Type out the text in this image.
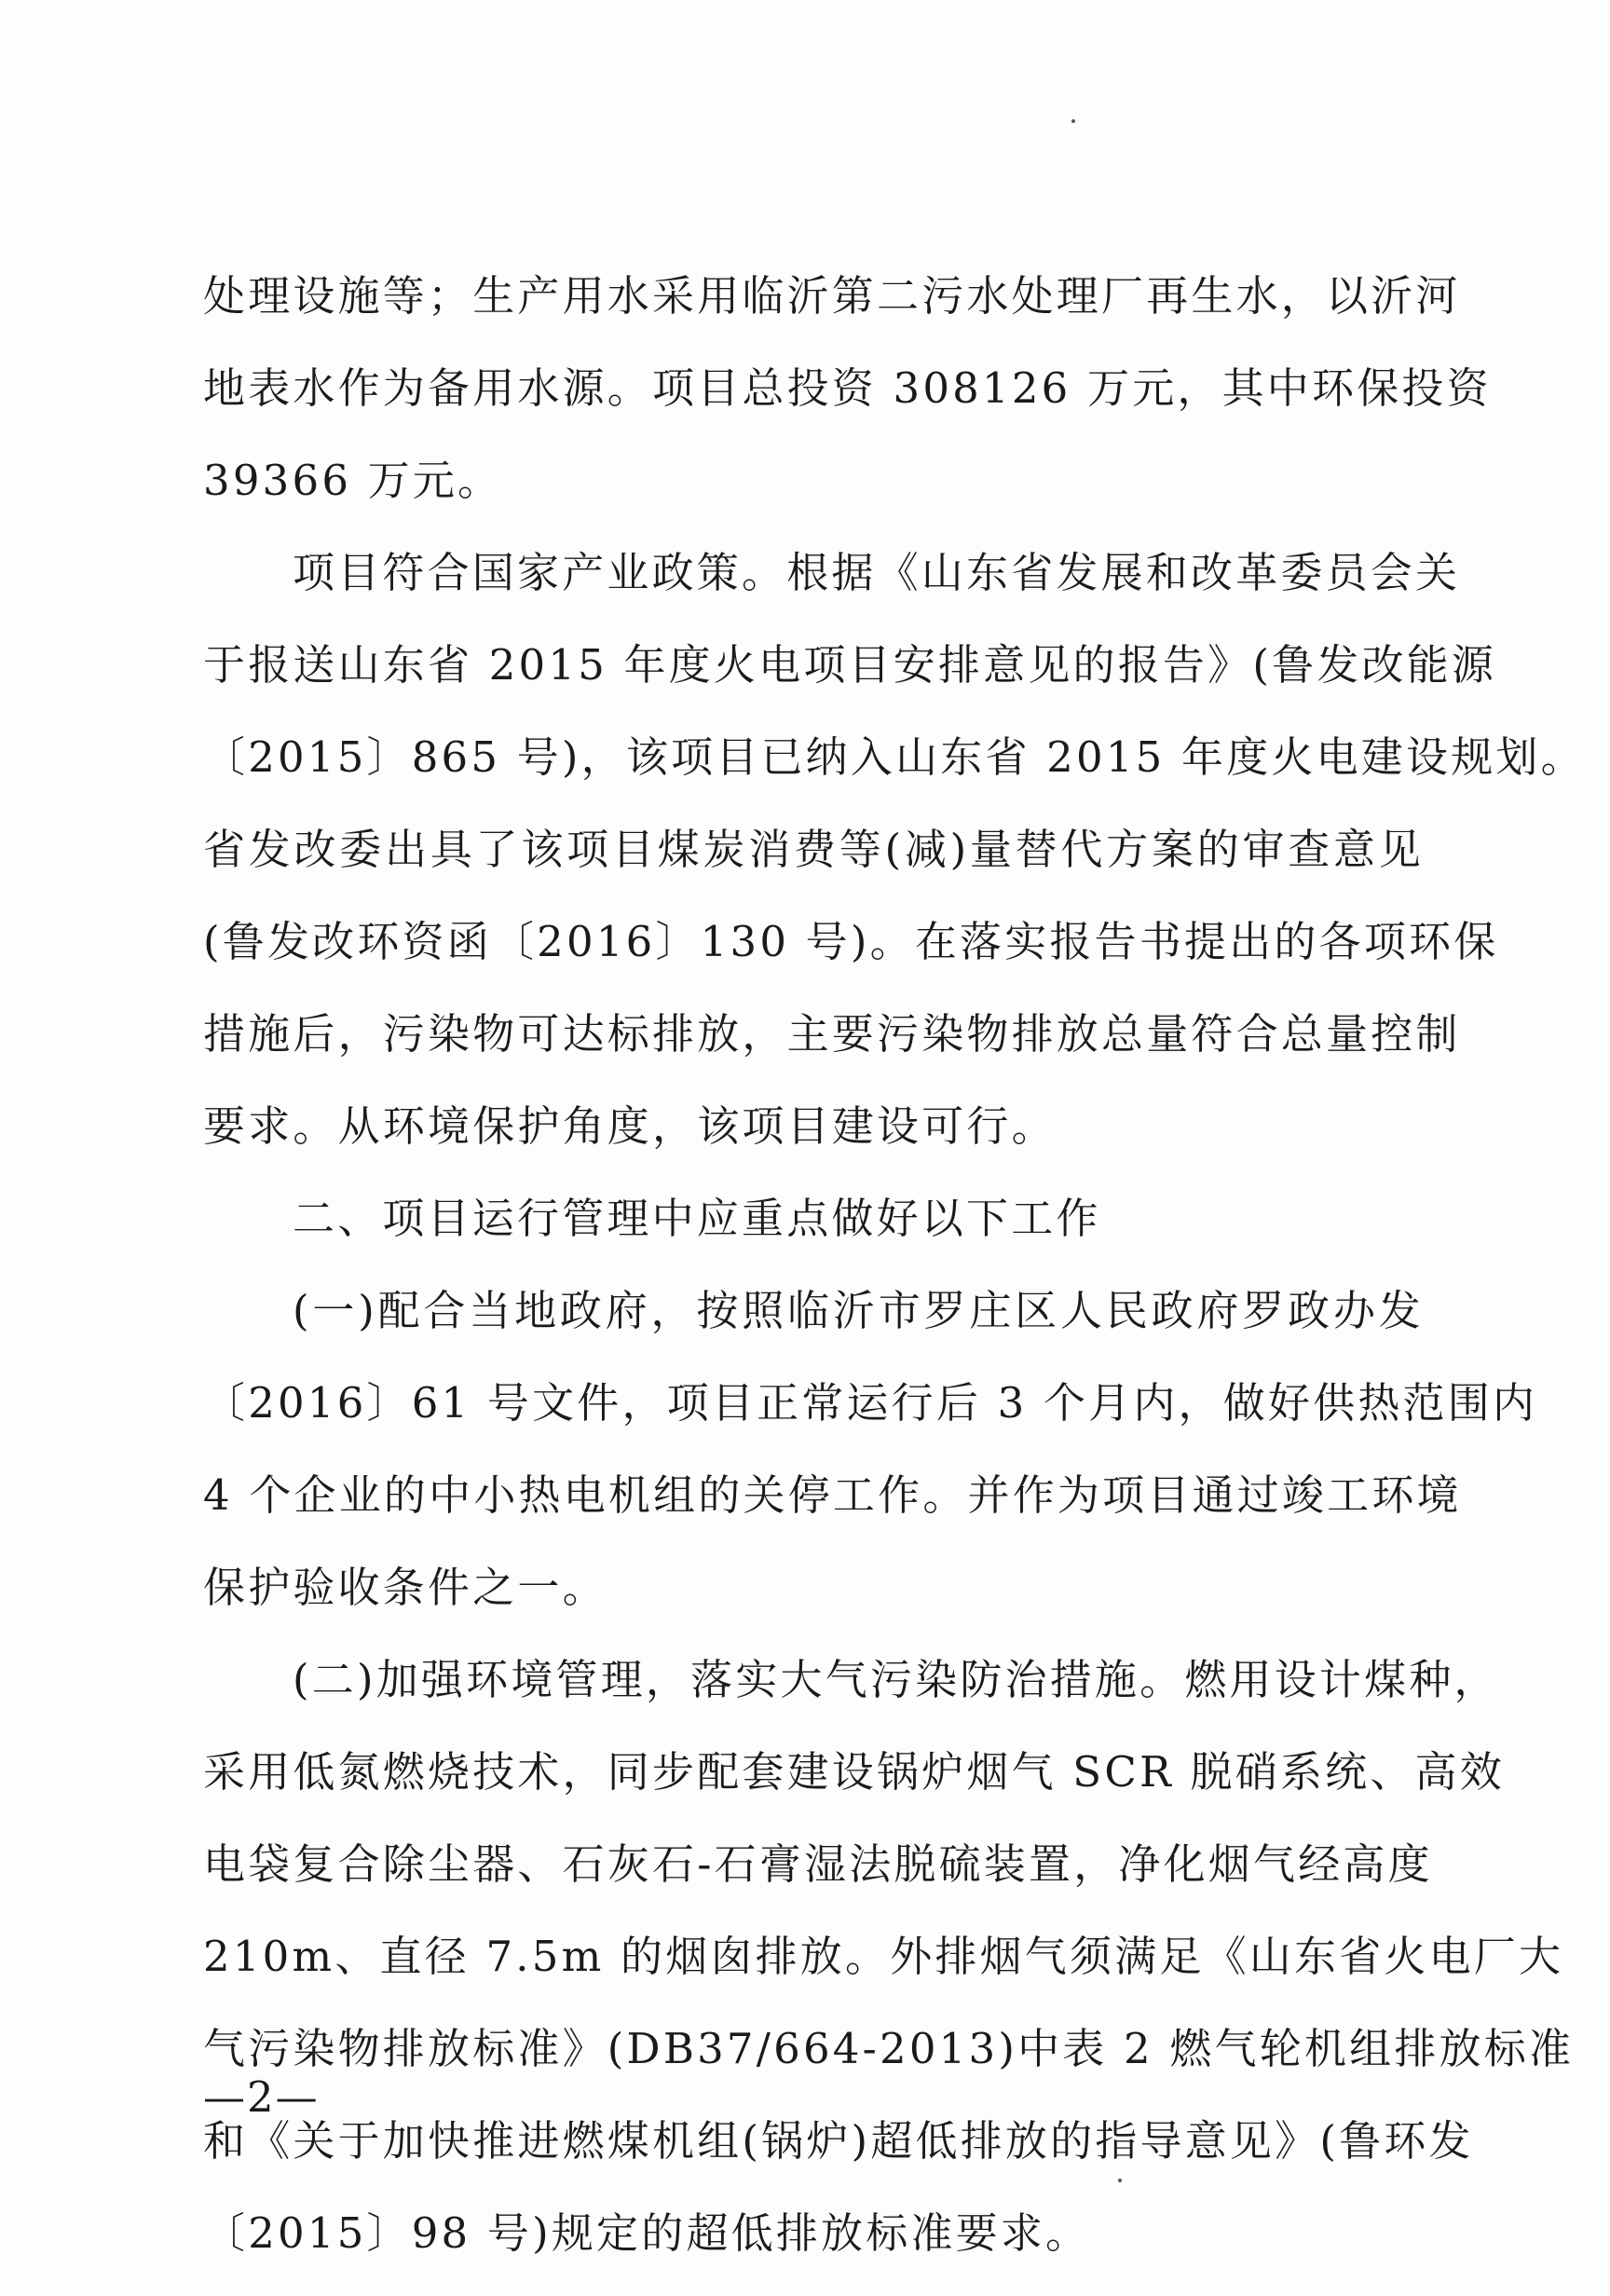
处理设施等；生产用水采用临沂第二污水处理厂再生水，以沂河
地表水作为备用水源。项目总投资 308126 万元，其中环保投资
39366 万元。
项目符合国家产业政策。根据《山东省发展和改革委员会关
于报送山东省 2015 年度火电项目安排意见的报告》(鲁发改能源
〔2015〕865 号)，该项目已纳入山东省 2015 年度火电建设规划。
省发改委出具了该项目煤炭消费等(减)量替代方案的审查意见
(鲁发改环资函〔2016〕130 号)。在落实报告书提出的各项环保
措施后，污染物可达标排放，主要污染物排放总量符合总量控制
要求。从环境保护角度，该项目建设可行。
二、项目运行管理中应重点做好以下工作
(一)配合当地政府，按照临沂市罗庄区人民政府罗政办发
〔2016〕61 号文件，项目正常运行后 3 个月内，做好供热范围内
4 个企业的中小热电机组的关停工作。并作为项目通过竣工环境
保护验收条件之一。
(二)加强环境管理，落实大气污染防治措施。燃用设计煤种，
采用低氮燃烧技术，同步配套建设锅炉烟气 SCR 脱硝系统、高效
电袋复合除尘器、石灰石-石膏湿法脱硫装置，净化烟气经高度
210m、直径 7.5m 的烟囱排放。外排烟气须满足《山东省火电厂大
气污染物排放标准》(DB37/664-2013)中表 2 燃气轮机组排放标准
和《关于加快推进燃煤机组(锅炉)超低排放的指导意见》(鲁环发
〔2015〕98 号)规定的超低排放标准要求。
—2—
